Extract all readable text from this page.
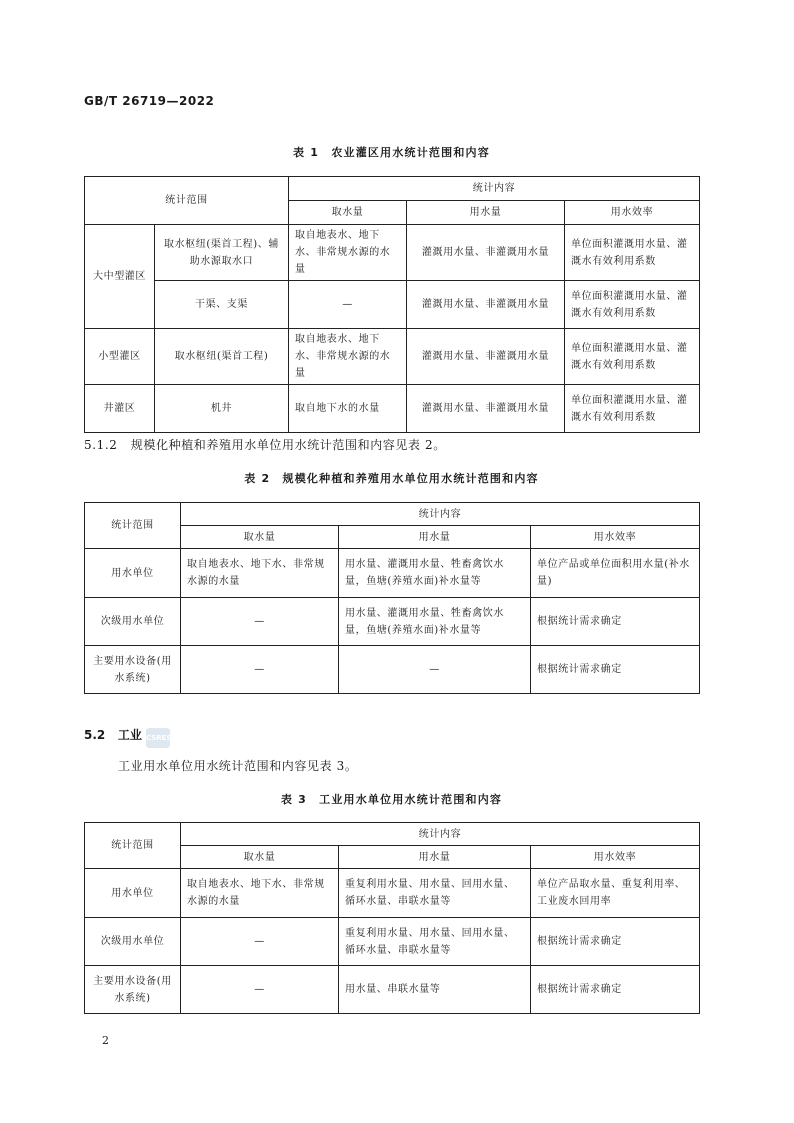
GB/T 26719—2022
表 1　农业灌区用水统计范围和内容
统计范围		统计内容		
		取水量	用水量	用水效率
大中型灌区	取水枢纽(渠首工程)、辅助水源取水口	取自地表水、地下水、非常规水源的水量	灌溉用水量、非灌溉用水量	单位面积灌溉用水量、灌溉水有效利用系数
	干渠、支渠	—	灌溉用水量、非灌溉用水量	单位面积灌溉用水量、灌溉水有效利用系数
小型灌区	取水枢纽(渠首工程)	取自地表水、地下水、非常规水源的水量	灌溉用水量、非灌溉用水量	单位面积灌溉用水量、灌溉水有效利用系数
井灌区	机井	取自地下水的水量	灌溉用水量、非灌溉用水量	单位面积灌溉用水量、灌溉水有效利用系数
5.1.2 规模化种植和养殖用水单位用水统计范围和内容见表 2。
表 2　规模化种植和养殖用水单位用水统计范围和内容
统计范围	统计内容		
	取水量	用水量	用水效率
用水单位	取自地表水、地下水、非常规水源的水量	用水量、灌溉用水量、牲畜禽饮水量，鱼塘(养殖水面)补水量等	单位产品或单位面积用水量(补水量)
次级用水单位	—	用水量、灌溉用水量、牲畜禽饮水量，鱼塘(养殖水面)补水量等	根据统计需求确定
主要用水设备(用水系统)	—	—	根据统计需求确定
5.2 工业 CSRES
工业用水单位用水统计范围和内容见表 3。
表 3　工业用水单位用水统计范围和内容
统计范围	统计内容		
	取水量	用水量	用水效率
用水单位	取自地表水、地下水、非常规水源的水量	重复利用水量、用水量、回用水量、循环水量、串联水量等	单位产品取水量、重复利用率、工业废水回用率
次级用水单位	—	重复利用水量、用水量、回用水量、循环水量、串联水量等	根据统计需求确定
主要用水设备(用水系统)	—	用水量、串联水量等	根据统计需求确定
2
